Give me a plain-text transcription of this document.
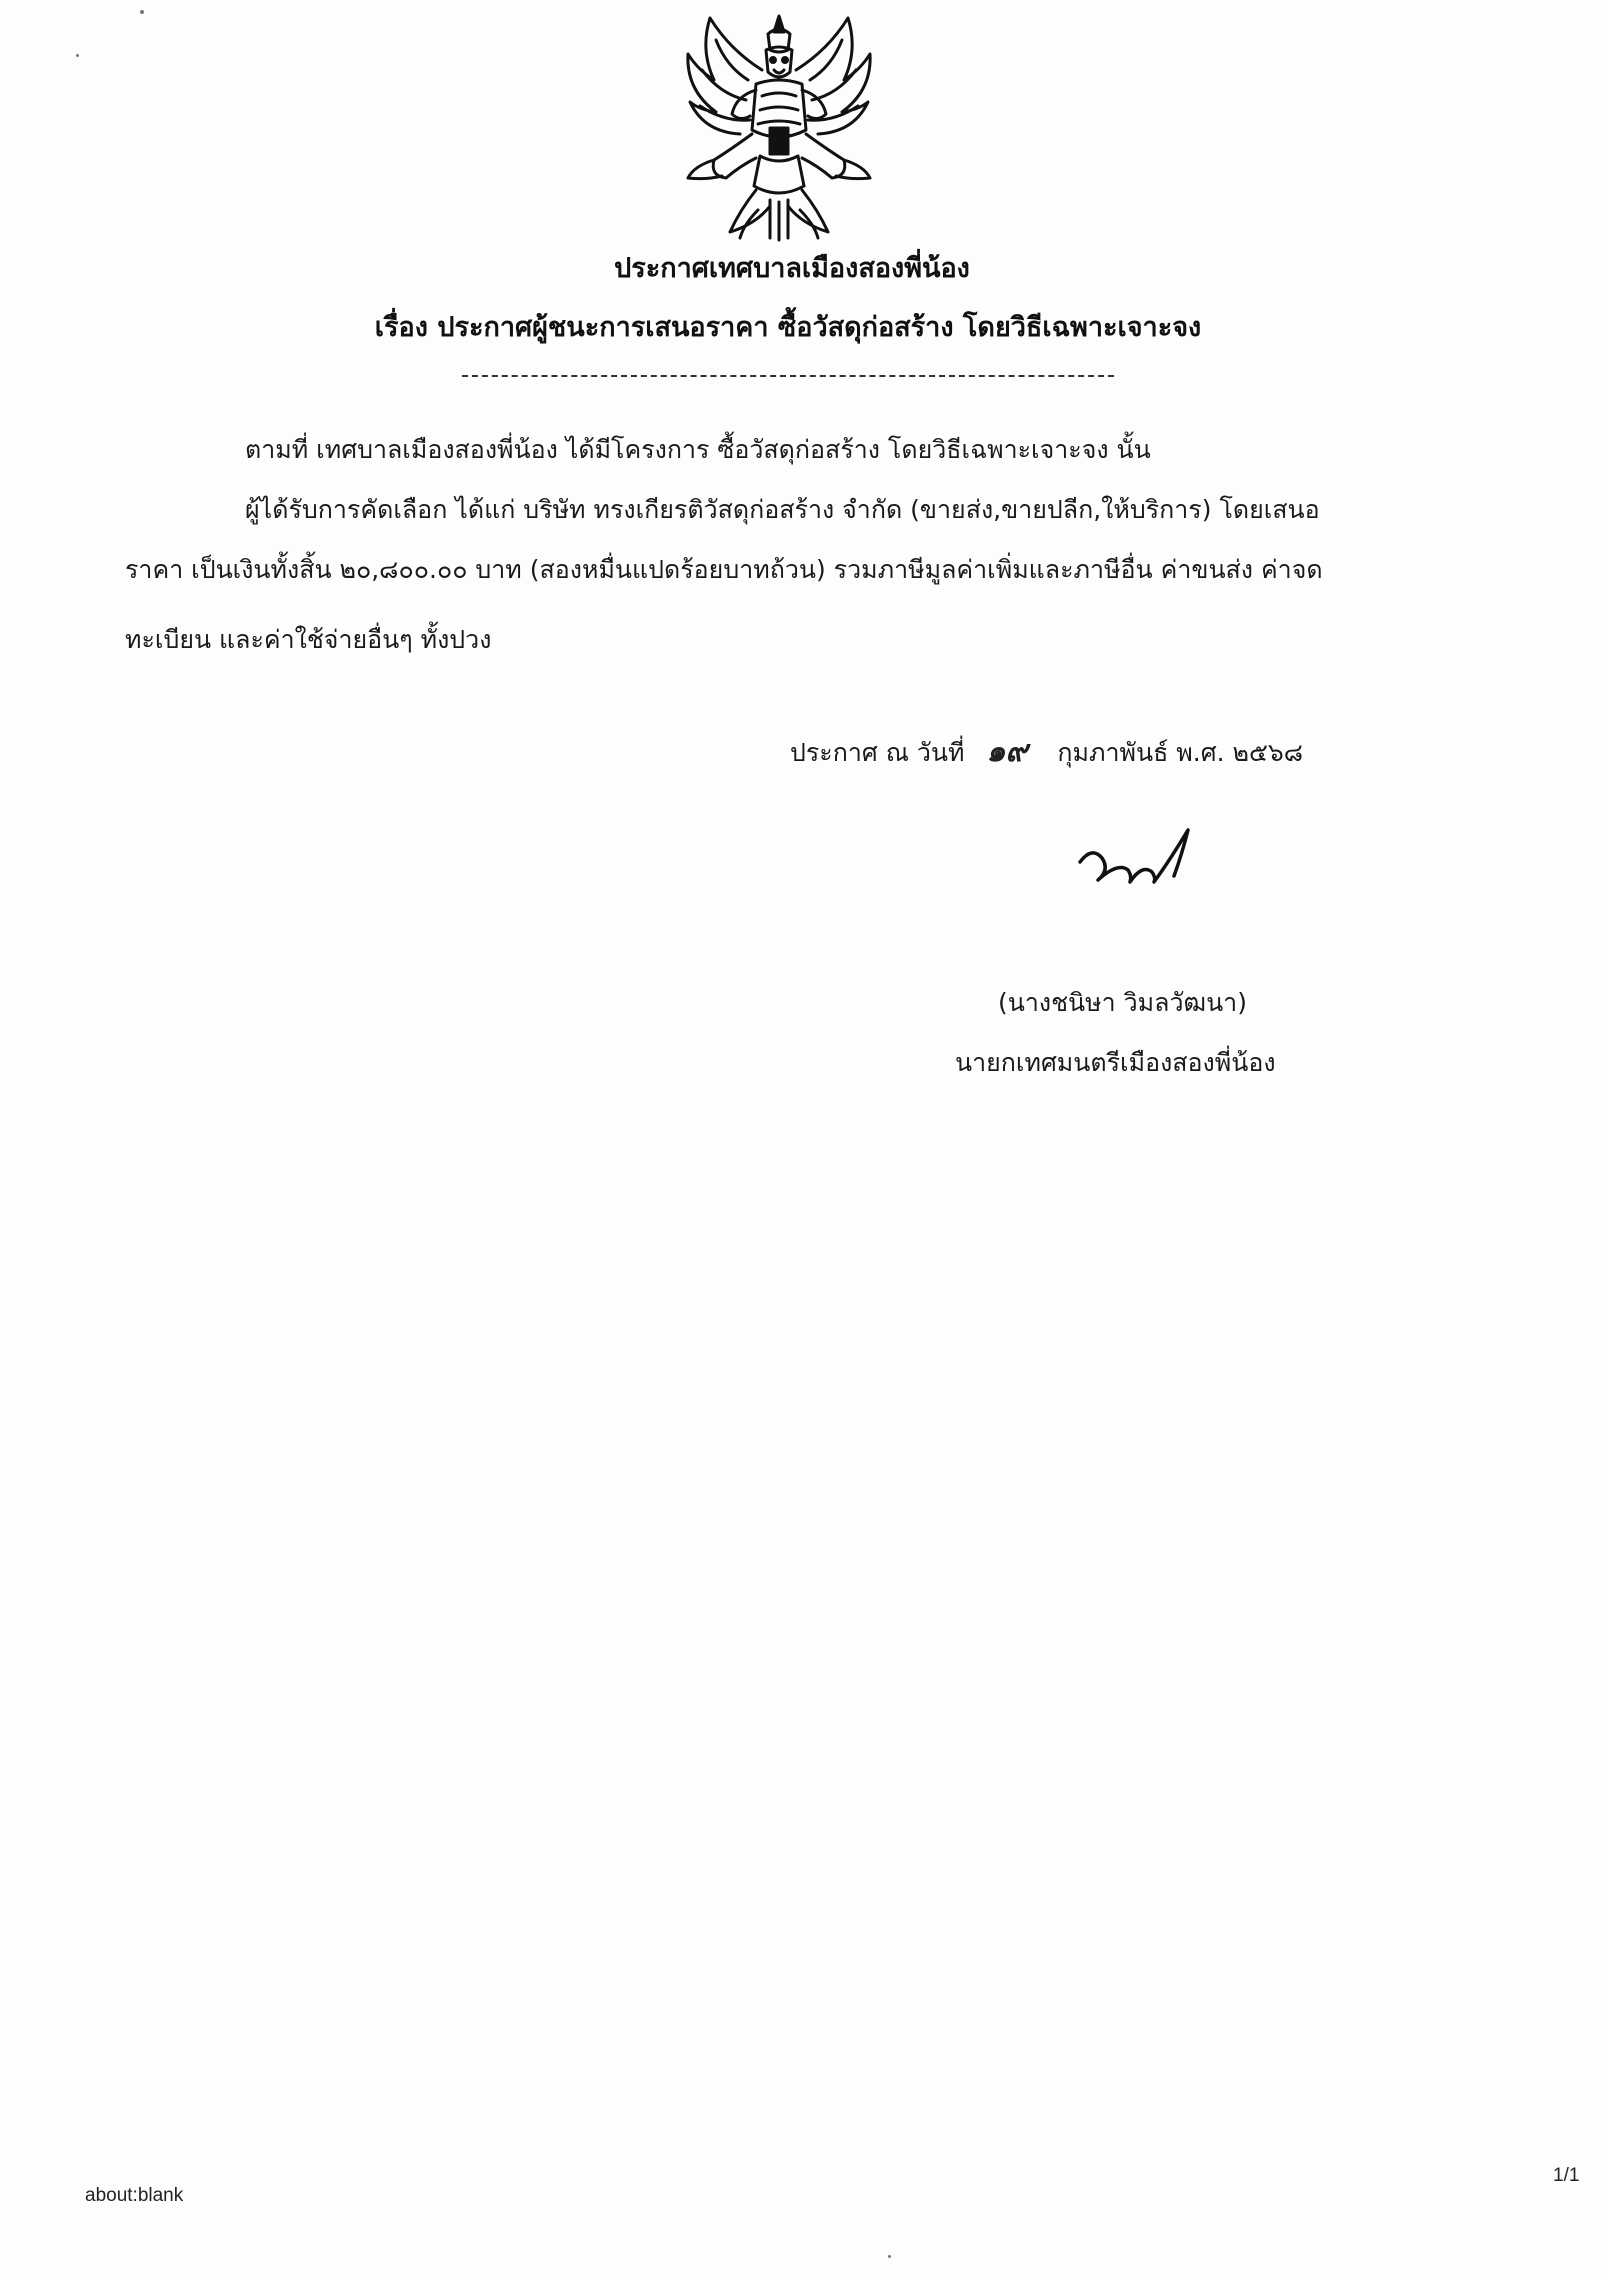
ประกาศเทศบาลเมืองสองพี่น้อง
เรื่อง ประกาศผู้ชนะการเสนอราคา ซื้อวัสดุก่อสร้าง โดยวิธีเฉพาะเจาะจง
ตามที่ เทศบาลเมืองสองพี่น้อง ได้มีโครงการ ซื้อวัสดุก่อสร้าง โดยวิธีเฉพาะเจาะจง นั้น
ผู้ได้รับการคัดเลือก ได้แก่ บริษัท ทรงเกียรติวัสดุก่อสร้าง จำกัด (ขายส่ง,ขายปลีก,ให้บริการ) โดยเสนอ
ราคา เป็นเงินทั้งสิ้น ๒๐,๘๐๐.๐๐ บาท (สองหมื่นแปดร้อยบาทถ้วน) รวมภาษีมูลค่าเพิ่มและภาษีอื่น ค่าขนส่ง ค่าจด
ทะเบียน และค่าใช้จ่ายอื่นๆ ทั้งปวง
ประกาศ ณ วันที่ ๑๙ กุมภาพันธ์ พ.ศ. ๒๕๖๘
(นางชนิษา วิมลวัฒนา)
นายกเทศมนตรีเมืองสองพี่น้อง
about:blank
1/1
